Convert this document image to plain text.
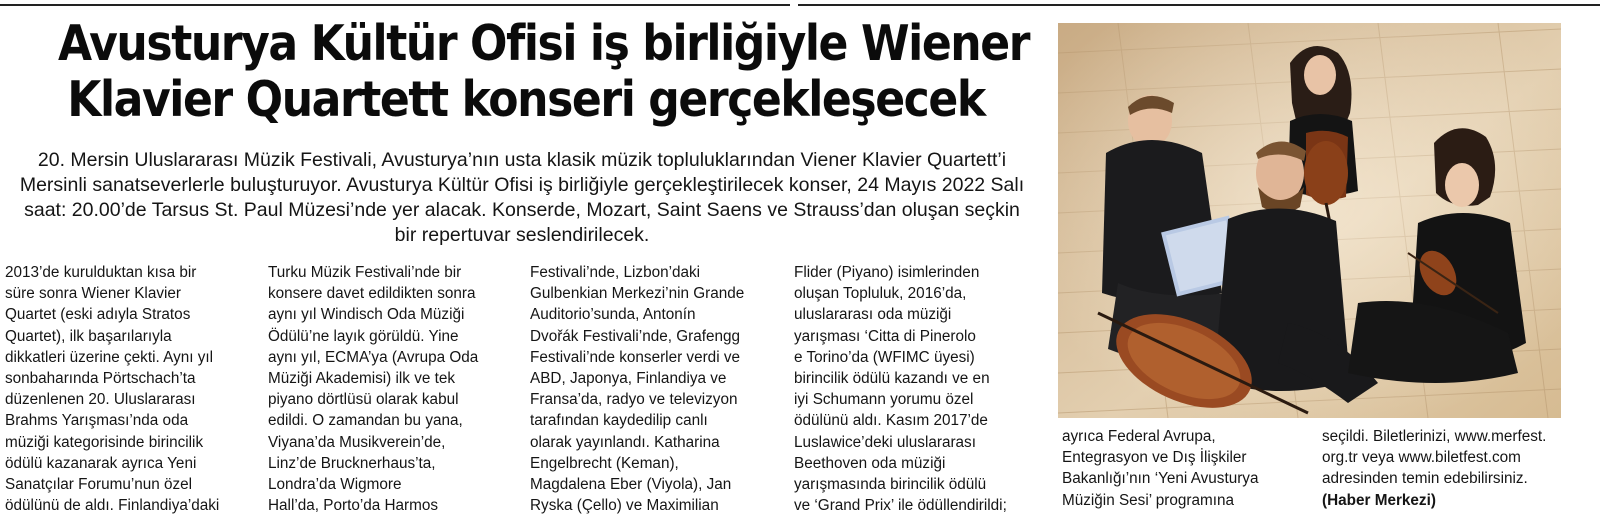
Avusturya Kültür Ofisi iş birliğiyle Wiener
Klavier Quartett konseri gerçekleşecek

20. Mersin Uluslararası Müzik Festivali, Avusturya’nın usta klasik müzik topluluklarından Viener Klavier Quartett’i
Mersinli sanatseverlerle buluşturuyor. Avusturya Kültür Ofisi iş birliğiyle gerçekleştirilecek konser, 24 Mayıs 2022 Salı
saat: 20.00’de Tarsus St. Paul Müzesi’nde yer alacak. Konserde, Mozart, Saint Saens ve Strauss’dan oluşan seçkin
bir repertuvar seslendirilecek.

2013’de kurulduktan kısa bir

süre sonra Wiener Klavier

Quartet (eski adıyla Stratos

Quartet), ilk başarılarıyla

dikkatleri üzerine çekti. Aynı yıl

sonbaharında Pörtschach’ta

düzenlenen 20. Uluslararası

Brahms Yarışması’nda oda

müziği kategorisinde birincilik

ödülü kazanarak ayrıca Yeni

Sanatçılar Forumu’nun özel

ödülünü de aldı. Finlandiya’daki

Turku Müzik Festivali’nde bir

konsere davet edildikten sonra

aynı yıl Windisch Oda Müziği

Ödülü’ne layık görüldü. Yine

aynı yıl, ECMA’ya (Avrupa Oda

Müziği Akademisi) ilk ve tek

piyano dörtlüsü olarak kabul

edildi. O zamandan bu yana,

Viyana’da Musikverein’de,

Linz’de Brucknerhaus’ta,

Londra’da Wigmore

Hall’da, Porto’da Harmos

Festivali’nde, Lizbon’daki

Gulbenkian Merkezi’nin Grande

Auditorio’sunda, Antonín

Dvořák Festivali’nde, Grafengg

Festivali’nde konserler verdi ve

ABD, Japonya, Finlandiya ve

Fransa’da, radyo ve televizyon

tarafından kaydedilip canlı

olarak yayınlandı. Katharina

Engelbrecht (Keman),

Magdalena Eber (Viyola), Jan

Ryska (Çello) ve Maximilian

Flider (Piyano) isimlerinden

oluşan Topluluk, 2016’da,

uluslararası oda müziği

yarışması ‘Citta di Pinerolo

e Torino’da (WFIMC üyesi)

birincilik ödülü kazandı ve en

iyi Schumann yorumu özel

ödülünü aldı. Kasım 2017’de

Luslawice’deki uluslararası

Beethoven oda müziği

yarışmasında birincilik ödülü

ve ‘Grand Prix’ ile ödüllendirildi;

ayrıca Federal Avrupa,

Entegrasyon ve Dış İlişkiler

Bakanlığı’nın ‘Yeni Avusturya

Müziğin Sesi’ programına

seçildi. Biletlerinizi, www.merfest.

org.tr veya www.biletfest.com

adresinden temin edebilirsiniz.

(Haber Merkezi)
